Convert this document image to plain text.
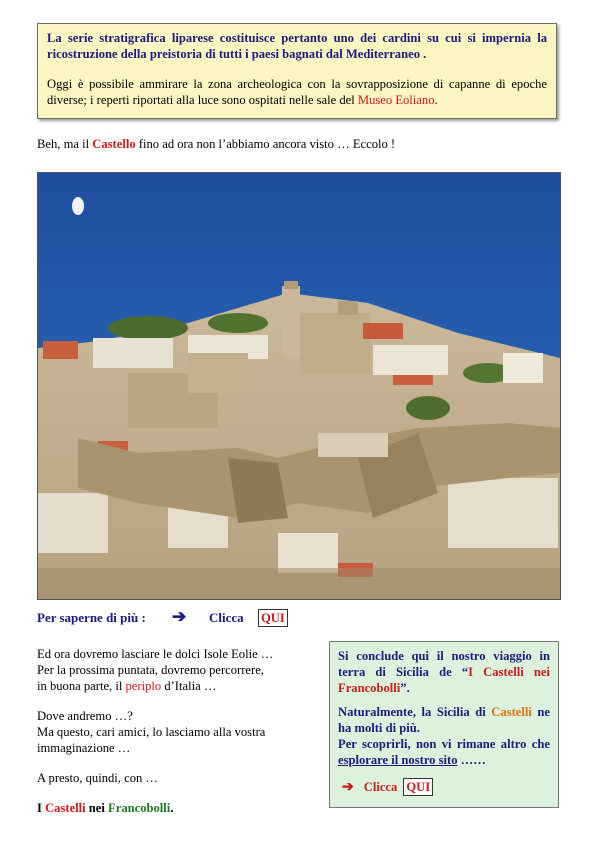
La serie stratigrafica liparese costituisce pertanto uno dei cardini su cui si impernia la ricostruzione della preistoria di tutti i paesi bagnati dal Mediterraneo .

Oggi è possibile ammirare la zona archeologica con la sovrapposizione di capanne di epoche diverse; i reperti riportati alla luce sono ospitati nelle sale del Museo Eoliano.

Beh, ma il Castello fino ad ora non l’abbiamo ancora visto … Eccolo !
Per saperne di più : ➔ Clicca QUI

Ed ora dovremo lasciare le dolci Isole Eolie …

Per la prossima puntata, dovremo percorrere,

in buona parte, il periplo d’Italia …

Dove andremo …?

Ma questo, cari amici, lo lasciamo alla vostra

immaginazione …

A presto, quindi, con …

I Castelli nei Francobolli.

Si conclude qui il nostro viaggio in terra di Sicilia de “I Castelli nei Francobolli”.

Naturalmente, la Sicilia di Castelli ne ha molti di più.

Per scoprirli, non vi rimane altro che esplorare il nostro sito ……

➔ Clicca QUI
